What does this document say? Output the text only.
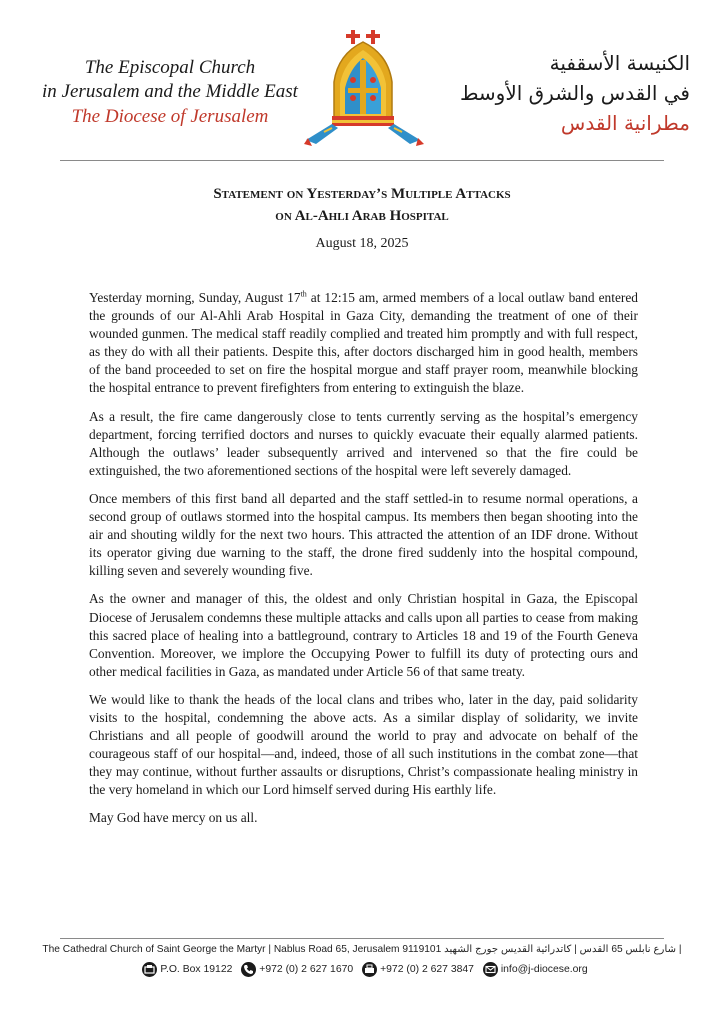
The Episcopal Church
in Jerusalem and the Middle East
The Diocese of Jerusalem
الكنيسة الأسقفية
في القدس والشرق الأوسط
مطرانية القدس
Statement on Yesterday’s Multiple Attacks
on Al-Ahli Arab Hospital
August 18, 2025

Yesterday morning, Sunday, August 17th at 12:15 am, armed members of a local outlaw band entered the grounds of our Al-Ahli Arab Hospital in Gaza City, demanding the treatment of one of their wounded gunmen. The medical staff readily complied and treated him promptly and with full respect, as they do with all their patients. Despite this, after doctors discharged him in good health, members of the band proceeded to set on fire the hospital morgue and staff prayer room, meanwhile blocking the hospital entrance to prevent firefighters from entering to extinguish the blaze.

As a result, the fire came dangerously close to tents currently serving as the hospital’s emergency department, forcing terrified doctors and nurses to quickly evacuate their equally alarmed patients. Although the outlaws’ leader subsequently arrived and intervened so that the fire could be extinguished, the two aforementioned sections of the hospital were left severely damaged.

Once members of this first band all departed and the staff settled-in to resume normal operations, a second group of outlaws stormed into the hospital campus. Its members then began shooting into the air and shouting wildly for the next two hours. This attracted the attention of an IDF drone. Without its operator giving due warning to the staff, the drone fired suddenly into the hospital compound, killing seven and severely wounding five.

As the owner and manager of this, the oldest and only Christian hospital in Gaza, the Episcopal Diocese of Jerusalem condemns these multiple attacks and calls upon all parties to cease from making this sacred place of healing into a battleground, contrary to Articles 18 and 19 of the Fourth Geneva Convention. Moreover, we implore the Occupying Power to fulfill its duty of protecting ours and other medical facilities in Gaza, as mandated under Article 56 of that same treaty.

We would like to thank the heads of the local clans and tribes who, later in the day, paid solidarity visits to the hospital, condemning the above acts. As a similar display of solidarity, we invite Christians and all people of goodwill around the world to pray and advocate on behalf of the courageous staff of our hospital—and, indeed, those of all such institutions in the combat zone—that they may continue, without further assaults or disruptions, Christ’s compassionate healing ministry in the very homeland in which our Lord himself served during His earthly life.

May God have mercy on us all.

The Cathedral Church of Saint George the Martyr | Nablus Road 65, Jerusalem 9119101 | شارع نابلس 65 القدس | كاتدرائية القديس جورج الشهيد
P.O. Box 19122	+972 (0) 2 627 1670	+972 (0) 2 627 3847	info@j-diocese.org
